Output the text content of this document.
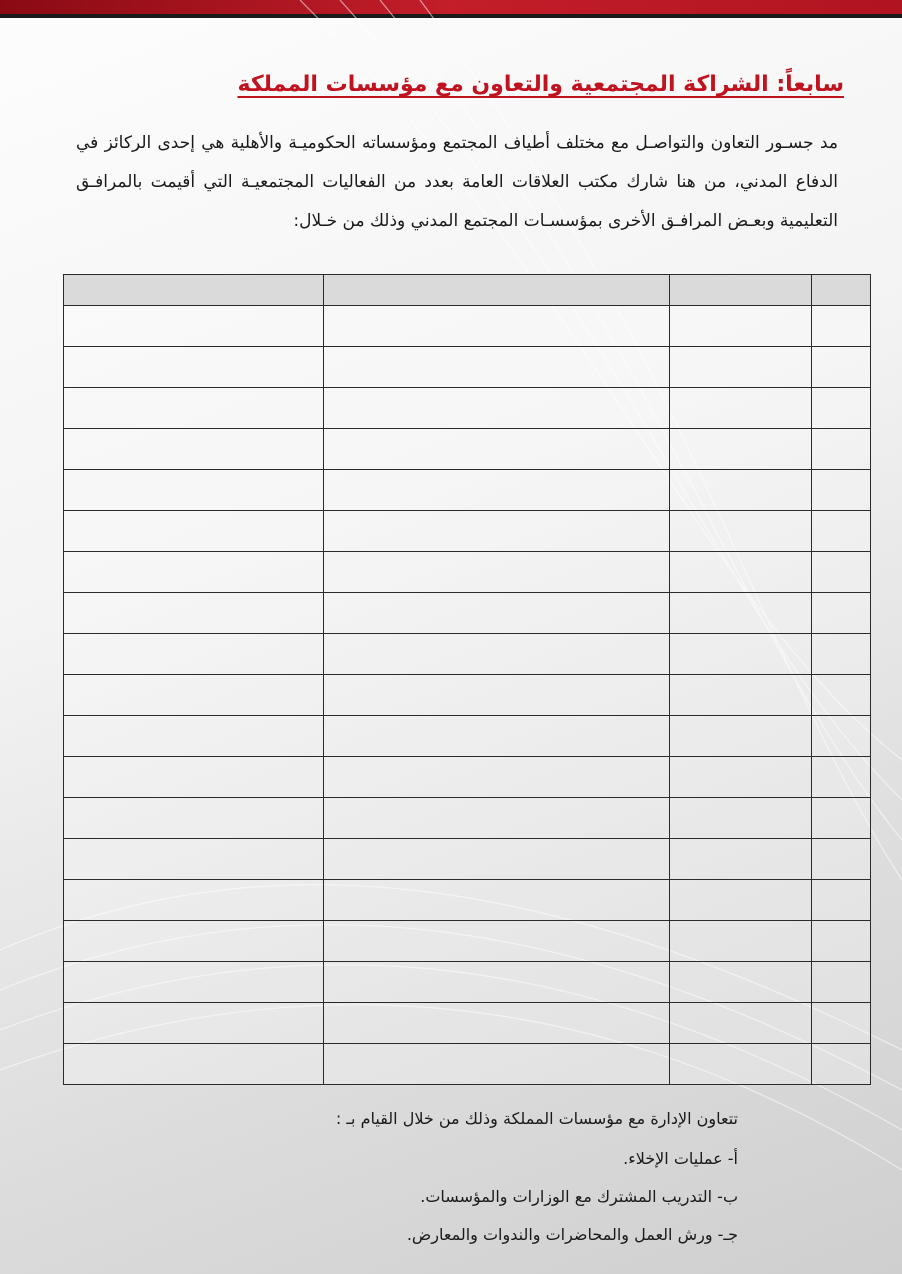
سابعاً: الشراكة المجتمعية والتعاون مع مؤسسات المملكة

مد جسـور التعاون والتواصـل مع مختلف أطياف المجتمع ومؤسساته الحكوميـة والأهلية هي إحدى الركائز في الدفاع المدني، من هنا شارك مكتب العلاقات العامة بعدد من الفعاليات المجتمعيـة التي أقيمت بالمرافـق التعليمية وبعـض المرافـق الأخرى بمؤسسـات المجتمع المدني وذلك من خـلال:

تتعاون الإدارة مع مؤسسات المملكة وذلك من خلال القيام بـ :

أ- عمليات الإخلاء.
ب- التدريب المشترك مع الوزارات والمؤسسات.
جـ- ورش العمل والمحاضرات والندوات والمعارض.
